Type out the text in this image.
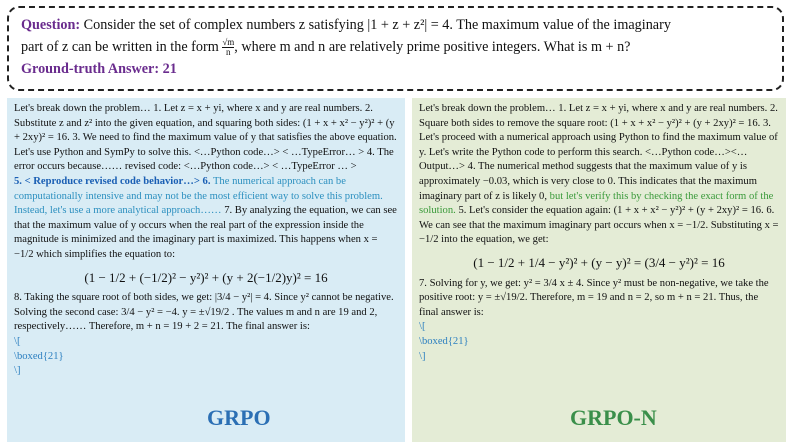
Question: Consider the set of complex numbers z satisfying |1 + z + z²| = 4. The maximum value of the imaginary
part of z can be written in the form $\frac{√m}{n}$ , where m and n are relatively prime positive integers. What is m + n?
Ground-truth Answer: 21
Let's break down the problem… 1. Let z = x + yi, where x and y are real numbers. 2. Substitute z and z² into the given equation, and squaring both sides: (1 + x + x² − y²)² + (y + 2xy)² = 16. 3. We need to find the maximum value of y that satisfies the above equation. Let's use Python and SymPy to solve this. <…Python code…> < …TypeError… > 4. The error occurs because…… revised code: <…Python code…> < …TypeError … >
5. < Reproduce revised code behavior…> 6. The numerical approach can be computationally intensive and may not be the most efficient way to solve this problem. Instead, let's use a more analytical approach…… 7. By analyzing the equation, we can see that the maximum value of y occurs when the real part of the expression inside the magnitude is minimized and the imaginary part is maximized. This happens when x = −1/2 which simplifies the equation to:
(1 − 1/2 + (−1/2)² − y²)² + (y + 2(−1/2)y)² = 16
8. Taking the square root of both sides, we get: |3/4 − y²| = 4. Since y² cannot be negative. Solving the second case: 3/4 − y² = −4. y = ±√19/2 . The values m and n are 19 and 2, respectively…… Therefore, m + n = 19 + 2 = 21. The final answer is:
\[
\boxed{21}
\]
Let's break down the problem… 1. Let z = x + yi, where x and y are real numbers. 2. Square both sides to remove the square root: (1 + x + x² − y²)² + (y + 2xy)² = 16. 3. Let's proceed with a numerical approach using Python to find the maximum value of y. Let's write the Python code to perform this search. <…Python code…><…Output…> 4. The numerical method suggests that the maximum value of y is approximately −0.03, which is very close to 0. This indicates that the maximum imaginary part of z is likely 0, but let's verify this by checking the exact form of the solution. 5. Let's consider the equation again: (1 + x + x² − y²)² + (y + 2xy)² = 16. 6. We can see that the maximum imaginary part occurs when x = −1/2. Substituting x = −1/2 into the equation, we get:
(1 − 1/2 + 1/4 − y²)² + (y − y)² = (3/4 − y²)² = 16
7. Solving for y, we get: y² = 3/4 x ± 4. Since y² must be non-negative, we take the positive root: y = ±√19/2. Therefore, m = 19 and n = 2, so m + n = 21. Thus, the final answer is:
\[
\boxed{21}
\]
GRPO	GRPO-N
